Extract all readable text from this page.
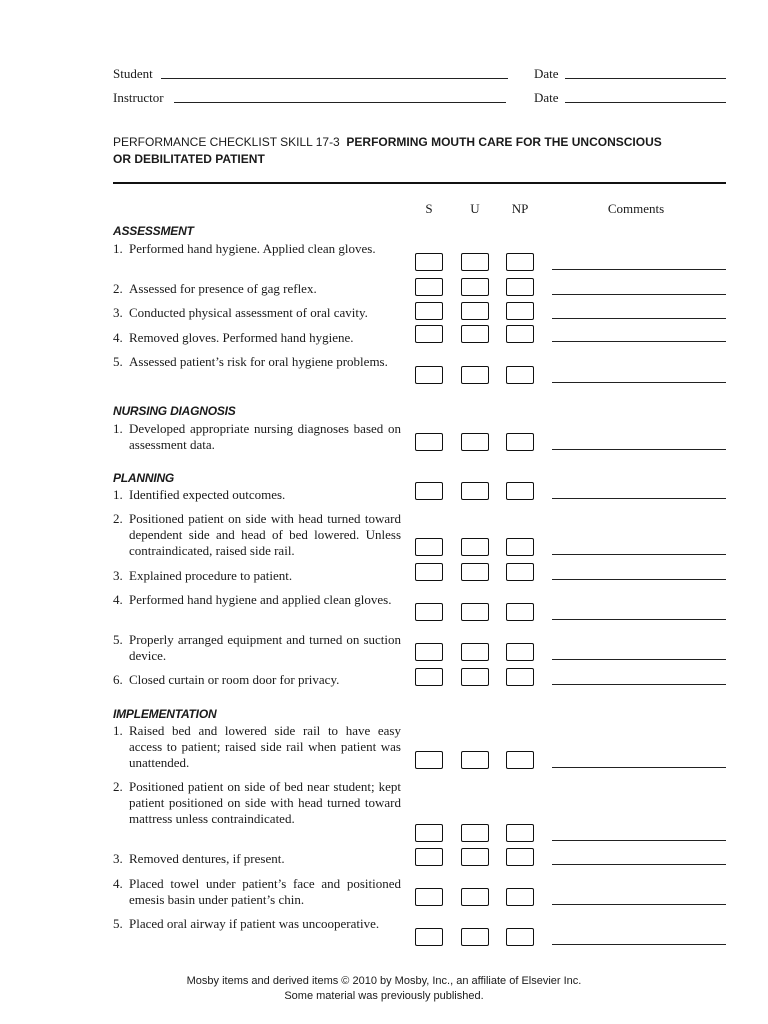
Student	Date
Instructor	Date
PERFORMANCE CHECKLIST SKILL 17-3 PERFORMING MOUTH CARE FOR THE UNCONSCIOUS
OR DEBILITATED PATIENT
S	U	NP	Comments
ASSESSMENT
1. Performed hand hygiene. Applied clean gloves.
2. Assessed for presence of gag reflex.
3. Conducted physical assessment of oral cavity.
4. Removed gloves. Performed hand hygiene.
5. Assessed patient’s risk for oral hygiene problems.
NURSING DIAGNOSIS
1. Developed appropriate nursing diagnoses based on assessment data.
PLANNING
1. Identified expected outcomes.
2. Positioned patient on side with head turned toward dependent side and head of bed lowered. Unless contraindicated, raised side rail.
3. Explained procedure to patient.
4. Performed hand hygiene and applied clean gloves.
5. Properly arranged equipment and turned on suction device.
6. Closed curtain or room door for privacy.
IMPLEMENTATION
1. Raised bed and lowered side rail to have easy access to patient; raised side rail when patient was unattended.
2. Positioned patient on side of bed near student; kept patient positioned on side with head turned toward mattress unless contraindicated.
3. Removed dentures, if present.
4. Placed towel under patient’s face and positioned emesis basin under patient’s chin.
5. Placed oral airway if patient was uncooperative.
Mosby items and derived items © 2010 by Mosby, Inc., an affiliate of Elsevier Inc.
Some material was previously published.
